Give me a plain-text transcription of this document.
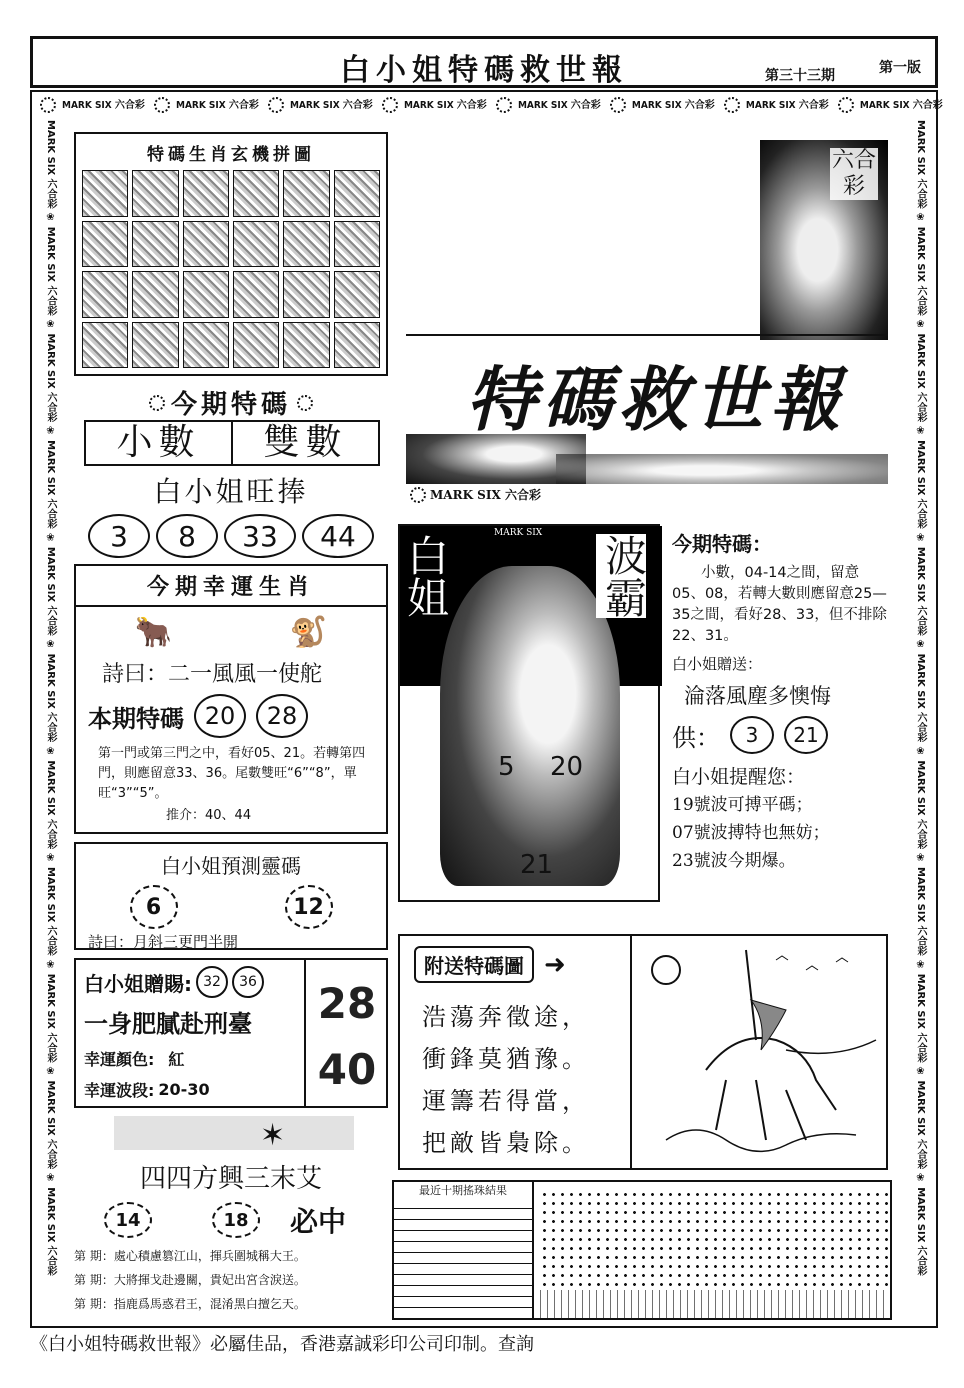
白小姐特碼救世報	第三十三期	第一版
MARK SIX 六合彩	MARK SIX 六合彩	MARK SIX 六合彩	MARK SIX 六合彩	MARK SIX 六合彩	MARK SIX 六合彩	MARK SIX 六合彩	MARK SIX 六合彩
MARK SIX 六合彩 ❀ MARK SIX 六合彩 ❀ MARK SIX 六合彩 ❀ MARK SIX 六合彩 ❀ MARK SIX 六合彩 ❀ MARK SIX 六合彩 ❀ MARK SIX 六合彩 ❀ MARK SIX 六合彩 ❀ MARK SIX 六合彩 ❀ MARK SIX 六合彩 ❀ MARK SIX 六合彩
MARK SIX 六合彩 ❀ MARK SIX 六合彩 ❀ MARK SIX 六合彩 ❀ MARK SIX 六合彩 ❀ MARK SIX 六合彩 ❀ MARK SIX 六合彩 ❀ MARK SIX 六合彩 ❀ MARK SIX 六合彩 ❀ MARK SIX 六合彩 ❀ MARK SIX 六合彩 ❀ MARK SIX 六合彩
特碼生肖玄機拼圖
今期特碼
小數	雙數
白小姐旺捧
3	8	33	44
今期幸運生肖
🐂	🐒
詩曰：二一風風一使舵
本期特碼 20	28
第一門或第三門之中，看好05、21。若轉第四門，則應留意33、36。尾數雙旺“6”“8”，單旺“3”“5”。
推介：40、44
白小姐預測靈碼
6	12
詩曰：月斜三更門半開
白小姐贈賜: 32	36
一身肥膩赴刑臺
幸運顏色: 紅
幸運波段: 20-30
28
40
✶
四四方興三末艾
14	18	必中
第 期：處心積慮篡江山，揮兵圍城稱大王。
第 期：大將揮戈赴邊關，貴妃出宮含淚送。
第 期：指鹿爲馬惑君王，混淆黑白擅乞天。
六合彩
特碼救世報
MARK SIX 六合彩
白姐	波霸
MARK SIX
5 20
21
今期特碼：
小數，04-14之間，留意05、08，若轉大數則應留意25—35之間，看好28、33，但不排除22、31。
白小姐贈送：
淪落風塵多懊悔
供：	3	21
白小姐提醒您：
19號波可搏平碼；
07號波搏特也無妨；
23號波今期爆。
附送特碼圖 ➜
浩蕩奔徵途，
衝鋒莫猶豫。
運籌若得當，
把敵皆梟除。
最近十期搖珠結果
《白小姐特碼救世報》必屬佳品，香港嘉誠彩印公司印制。查詢
